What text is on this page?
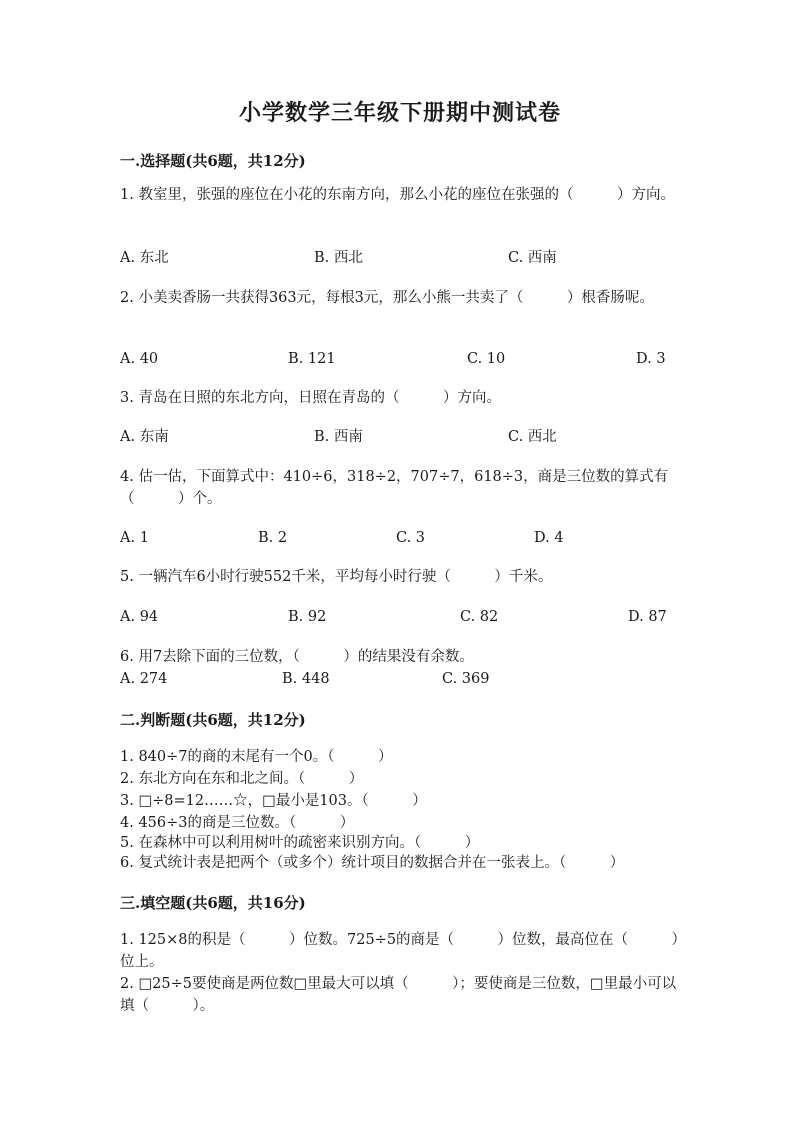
小学数学三年级下册期中测试卷
一.选择题(共6题，共12分)
1. 教室里，张强的座位在小花的东南方向，那么小花的座位在张强的（　　　）方向。
A. 东北	B. 西北	C. 西南
2. 小美卖香肠一共获得363元，每根3元，那么小熊一共卖了（　　　）根香肠呢。
A. 40	B. 121	C. 10	D. 3
3. 青岛在日照的东北方向，日照在青岛的（　　　）方向。
A. 东南	B. 西南	C. 西北
4. 估一估，下面算式中：410÷6，318÷2，707÷7，618÷3，商是三位数的算式有（　　　）个。
A. 1	B. 2	C. 3	D. 4
5. 一辆汽车6小时行驶552千米，平均每小时行驶（　　　）千米。
A. 94	B. 92	C. 82	D. 87
6. 用7去除下面的三位数，（　　　）的结果没有余数。
A. 274	B. 448	C. 369
二.判断题(共6题，共12分)
1. 840÷7的商的末尾有一个0。（　　　）
2. 东北方向在东和北之间。（　　　）
3. □÷8=12……☆，□最小是103。（　　　）
4. 456÷3的商是三位数。（　　　）
5. 在森林中可以利用树叶的疏密来识别方向。（　　　）
6. 复式统计表是把两个（或多个）统计项目的数据合并在一张表上。（　　　）
三.填空题(共6题，共16分)
1. 125×8的积是（　　　）位数。725÷5的商是（　　　）位数，最高位在（　　　）位上。
2. □25÷5要使商是两位数□里最大可以填（　　　）；要使商是三位数，□里最小可以填（　　　）。
